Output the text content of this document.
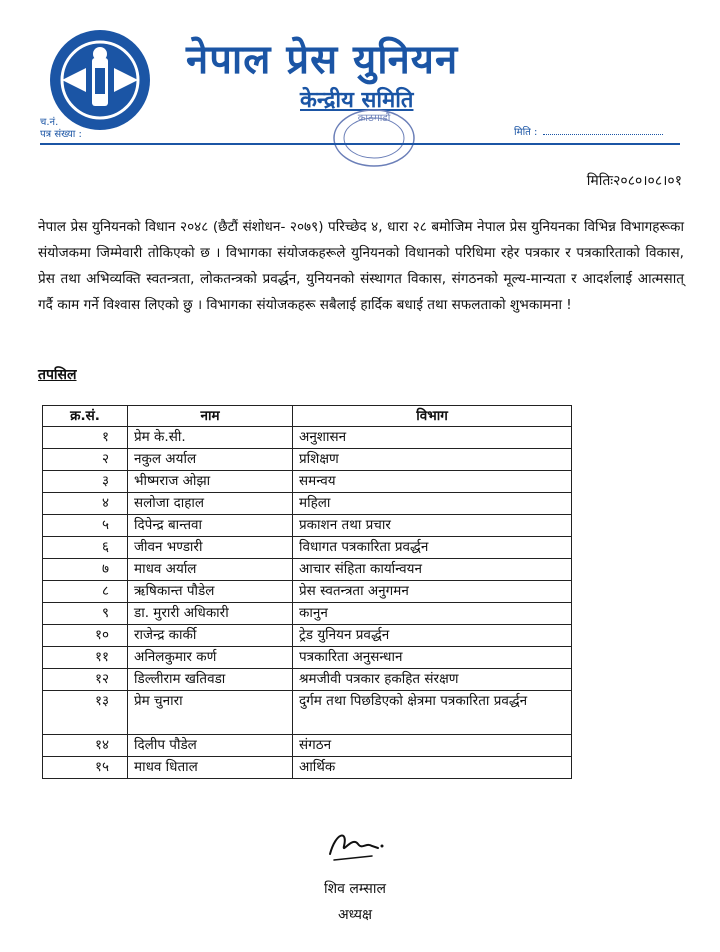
नेपाल प्रेस युनियन
केन्द्रीय समिति
च.नं.
पत्र संख्या :
काठमाडौं
मिति :
मितिः२०८०।०८।०१
नेपाल प्रेस युनियनको विधान २०४८ (छैटौं संशोधन- २०७९) परिच्छेद ४, धारा २८ बमोजिम नेपाल प्रेस युनियनका विभिन्न विभागहरूका संयोजकमा जिम्मेवारी तोकिएको छ । विभागका संयोजकहरूले युनियनको विधानको परिधिमा रहेर पत्रकार र पत्रकारिताको विकास, प्रेस तथा अभिव्यक्ति स्वतन्त्रता, लोकतन्त्रको प्रवर्द्धन, युनियनको संस्थागत विकास, संगठनको मूल्य-मान्यता र आदर्शलाई आत्मसात् गर्दै काम गर्ने विश्वास लिएको छु । विभागका संयोजकहरू सबैलाई हार्दिक बधाई तथा सफलताको शुभकामना !
तपसिल
क्र.सं.	नाम	विभाग
१	प्रेम के.सी.	अनुशासन
२	नकुल अर्याल	प्रशिक्षण
३	भीष्मराज ओझा	समन्वय
४	सलोजा दाहाल	महिला
५	दिपेन्द्र बान्तवा	प्रकाशन तथा प्रचार
६	जीवन भण्डारी	विधागत पत्रकारिता प्रवर्द्धन
७	माधव अर्याल	आचार संहिता कार्यान्वयन
८	ऋषिकान्त पौडेल	प्रेस स्वतन्त्रता अनुगमन
९	डा. मुरारी अधिकारी	कानुन
१०	राजेन्द्र कार्की	ट्रेड युनियन प्रवर्द्धन
११	अनिलकुमार कर्ण	पत्रकारिता अनुसन्धान
१२	डिल्लीराम खतिवडा	श्रमजीवी पत्रकार हकहित संरक्षण
१३	प्रेम चुनारा	दुर्गम तथा पिछडिएको क्षेत्रमा पत्रकारिता प्रवर्द्धन
१४	दिलीप पौडेल	संगठन
१५	माधव धिताल	आर्थिक
शिव लम्साल
अध्यक्ष
